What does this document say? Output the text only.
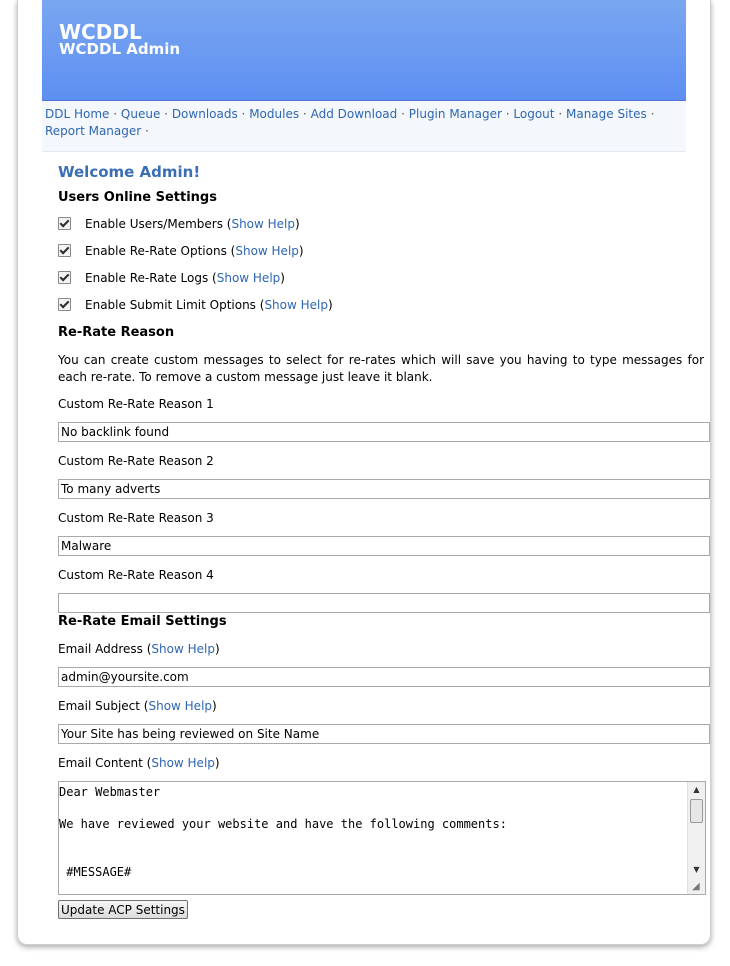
WCDDL
WCDDL Admin
DDL Home · Queue · Downloads · Modules · Add Download · Plugin Manager · Logout · Manage Sites · Report Manager ·
Welcome Admin!
Users Online Settings
Enable Users/Members (Show Help)
Enable Re-Rate Options (Show Help)
Enable Re-Rate Logs (Show Help)
Enable Submit Limit Options (Show Help)
Re-Rate Reason
You can create custom messages to select for re-rates which will save you having to type messages for each re-rate. To remove a custom message just leave it blank.
Custom Re-Rate Reason 1
No backlink found
Custom Re-Rate Reason 2
To many adverts
Custom Re-Rate Reason 3
Malware
Custom Re-Rate Reason 4
Re-Rate Email Settings
Email Address (Show Help)
admin@yoursite.com
Email Subject (Show Help)
Your Site has being reviewed on Site Name
Email Content (Show Help)
Dear Webmaster

We have reviewed your website and have the following comments:

#MESSAGE#
▲
▼
◢
Update ACP Settings
